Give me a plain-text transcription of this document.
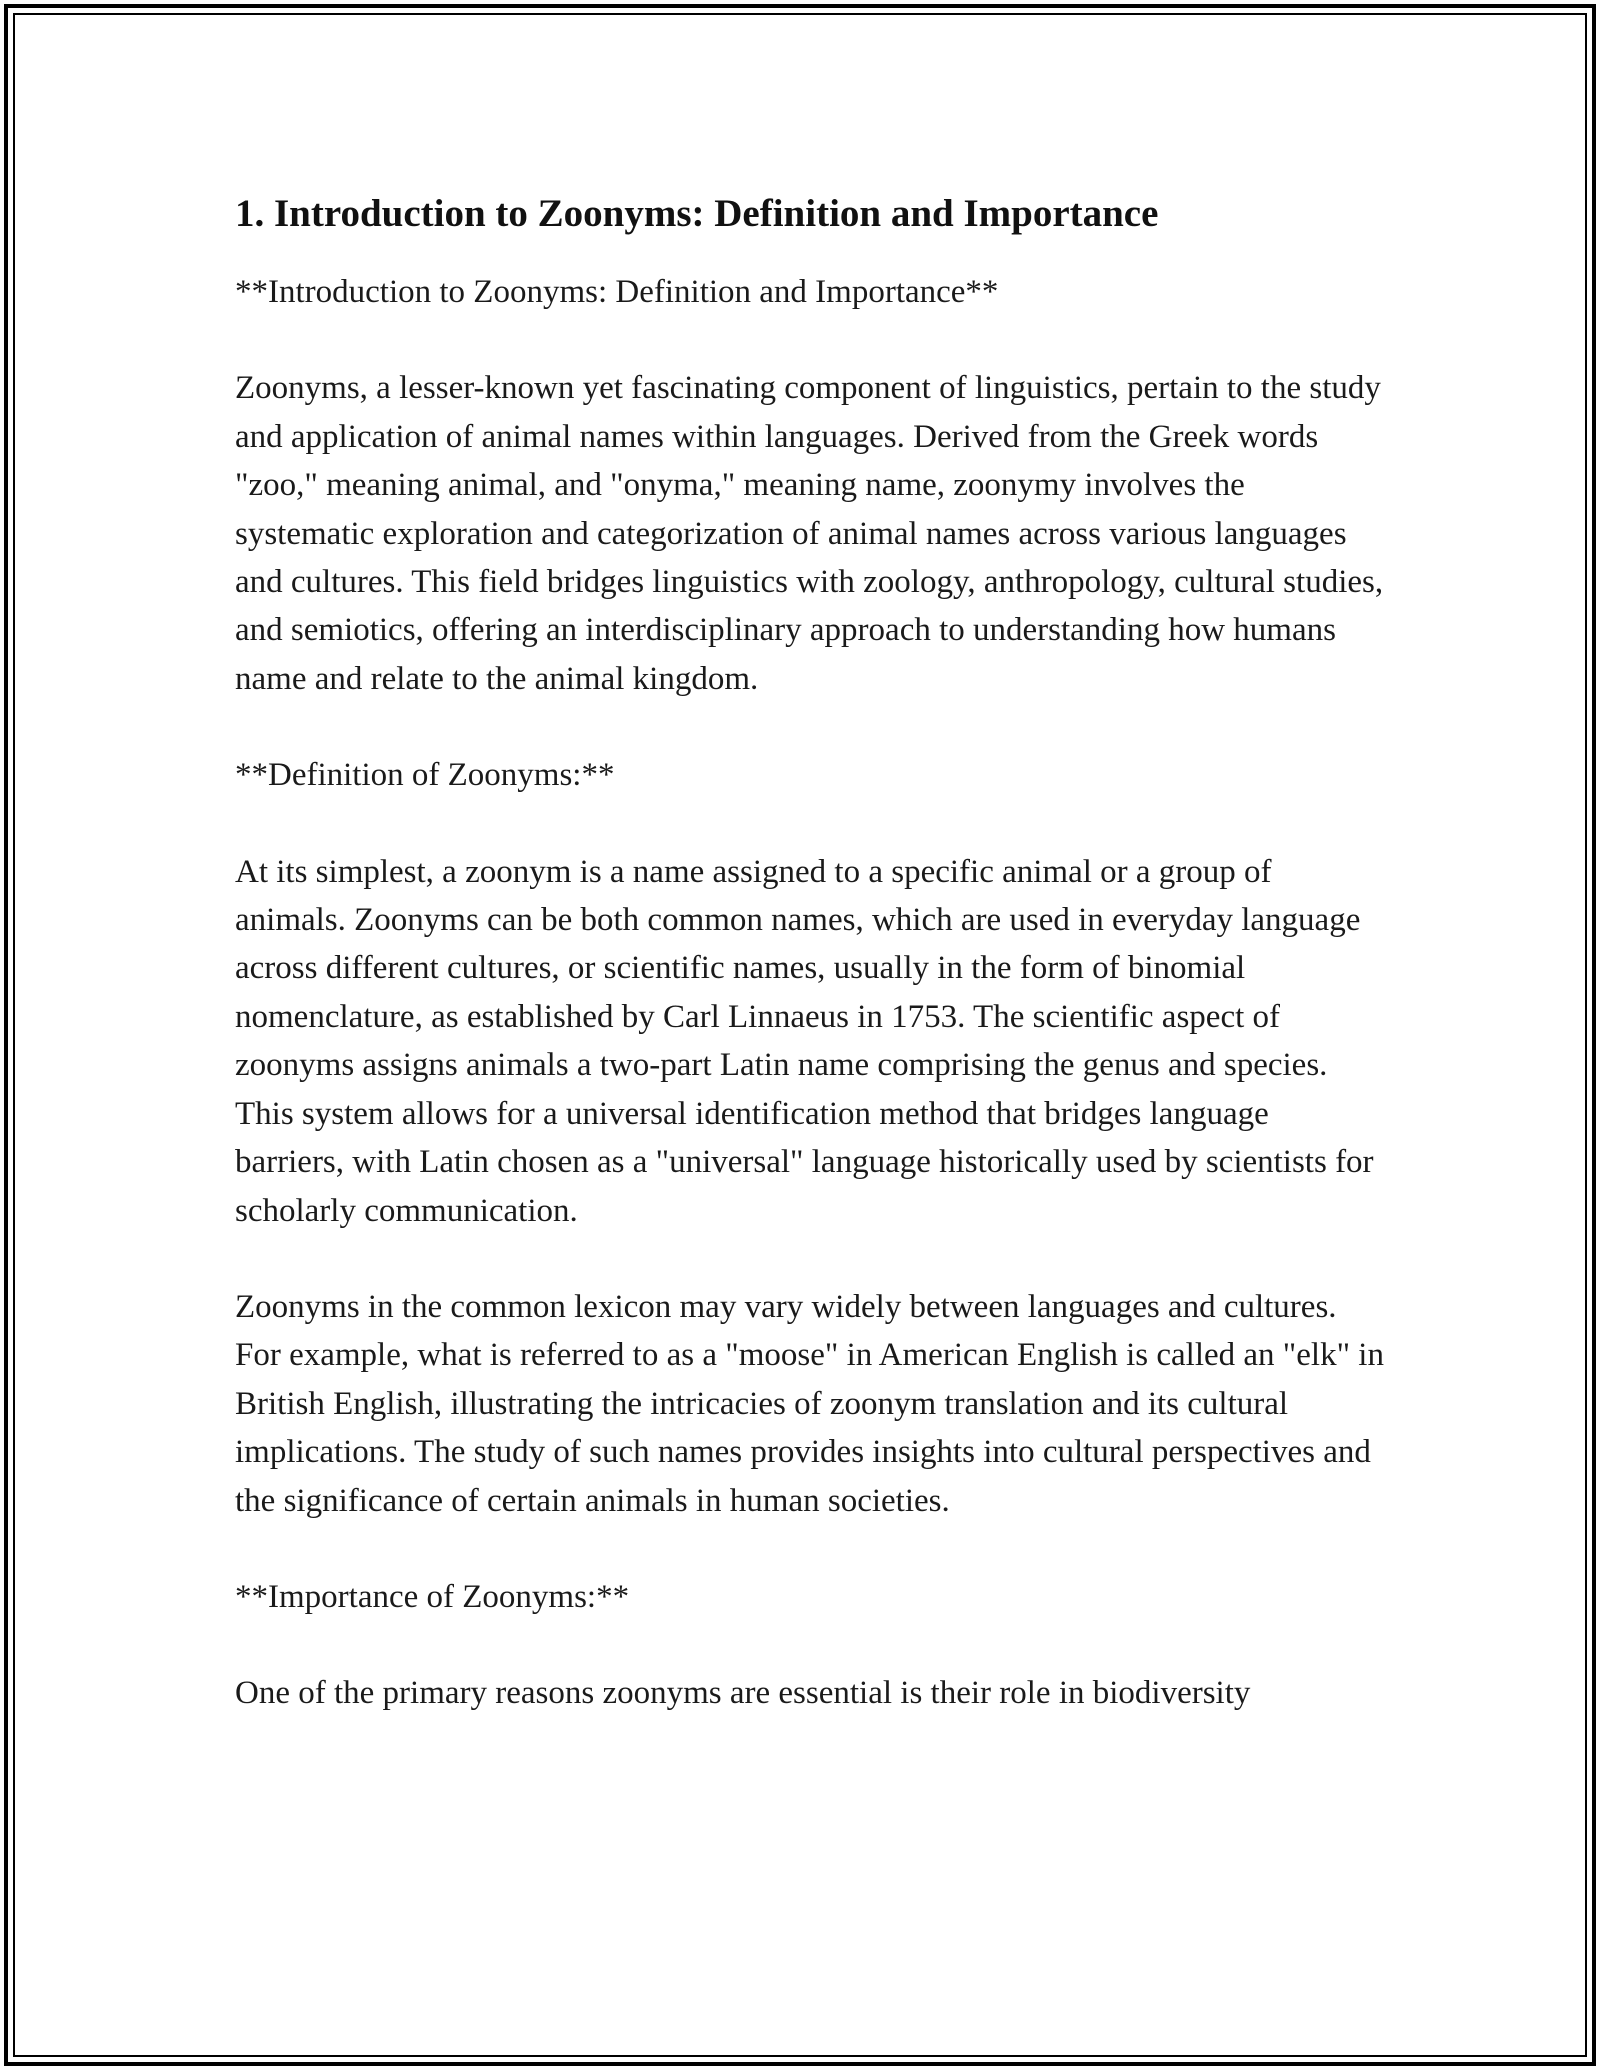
1. Introduction to Zoonyms: Definition and Importance

**Introduction to Zoonyms: Definition and Importance**

Zoonyms, a lesser-known yet fascinating component of linguistics, pertain to the study and application of animal names within languages. Derived from the Greek words "zoo," meaning animal, and "onyma," meaning name, zoonymy involves the systematic exploration and categorization of animal names across various languages and cultures. This field bridges linguistics with zoology, anthropology, cultural studies, and semiotics, offering an interdisciplinary approach to understanding how humans name and relate to the animal kingdom.

**Definition of Zoonyms:**

At its simplest, a zoonym is a name assigned to a specific animal or a group of animals. Zoonyms can be both common names, which are used in everyday language across different cultures, or scientific names, usually in the form of binomial nomenclature, as established by Carl Linnaeus in 1753. The scientific aspect of zoonyms assigns animals a two-part Latin name comprising the genus and species. This system allows for a universal identification method that bridges language barriers, with Latin chosen as a "universal" language historically used by scientists for scholarly communication.

Zoonyms in the common lexicon may vary widely between languages and cultures. For example, what is referred to as a "moose" in American English is called an "elk" in British English, illustrating the intricacies of zoonym translation and its cultural implications. The study of such names provides insights into cultural perspectives and the significance of certain animals in human societies.

**Importance of Zoonyms:**

One of the primary reasons zoonyms are essential is their role in biodiversity
